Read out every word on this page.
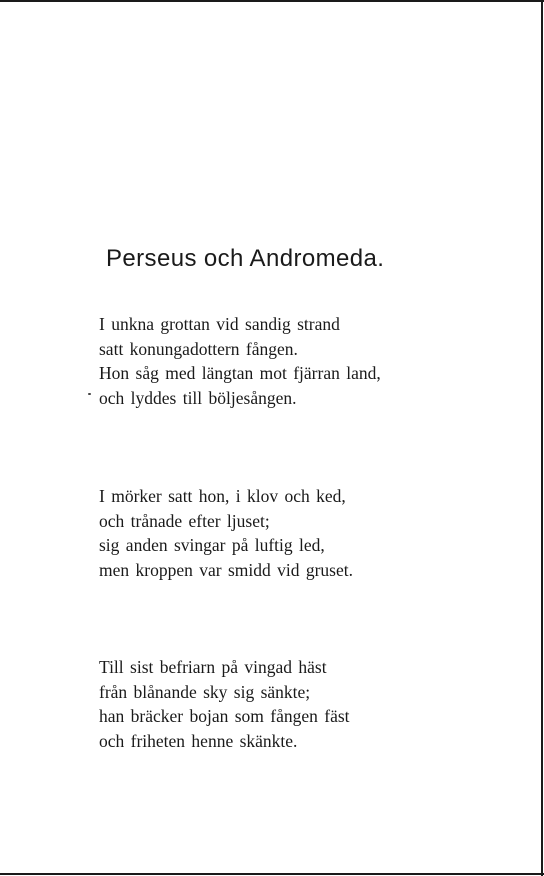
Perseus och Andromeda.
I unkna grottan vid sandig strand
satt konungadottern fången.
Hon såg med längtan mot fjärran land,
och lyddes till böljesången.
I mörker satt hon, i klov och ked,
och trånade efter ljuset;
sig anden svingar på luftig led,
men kroppen var smidd vid gruset.
Till sist befriarn på vingad häst
från blånande sky sig sänkte;
han bräcker bojan som fången fäst
och friheten henne skänkte.
